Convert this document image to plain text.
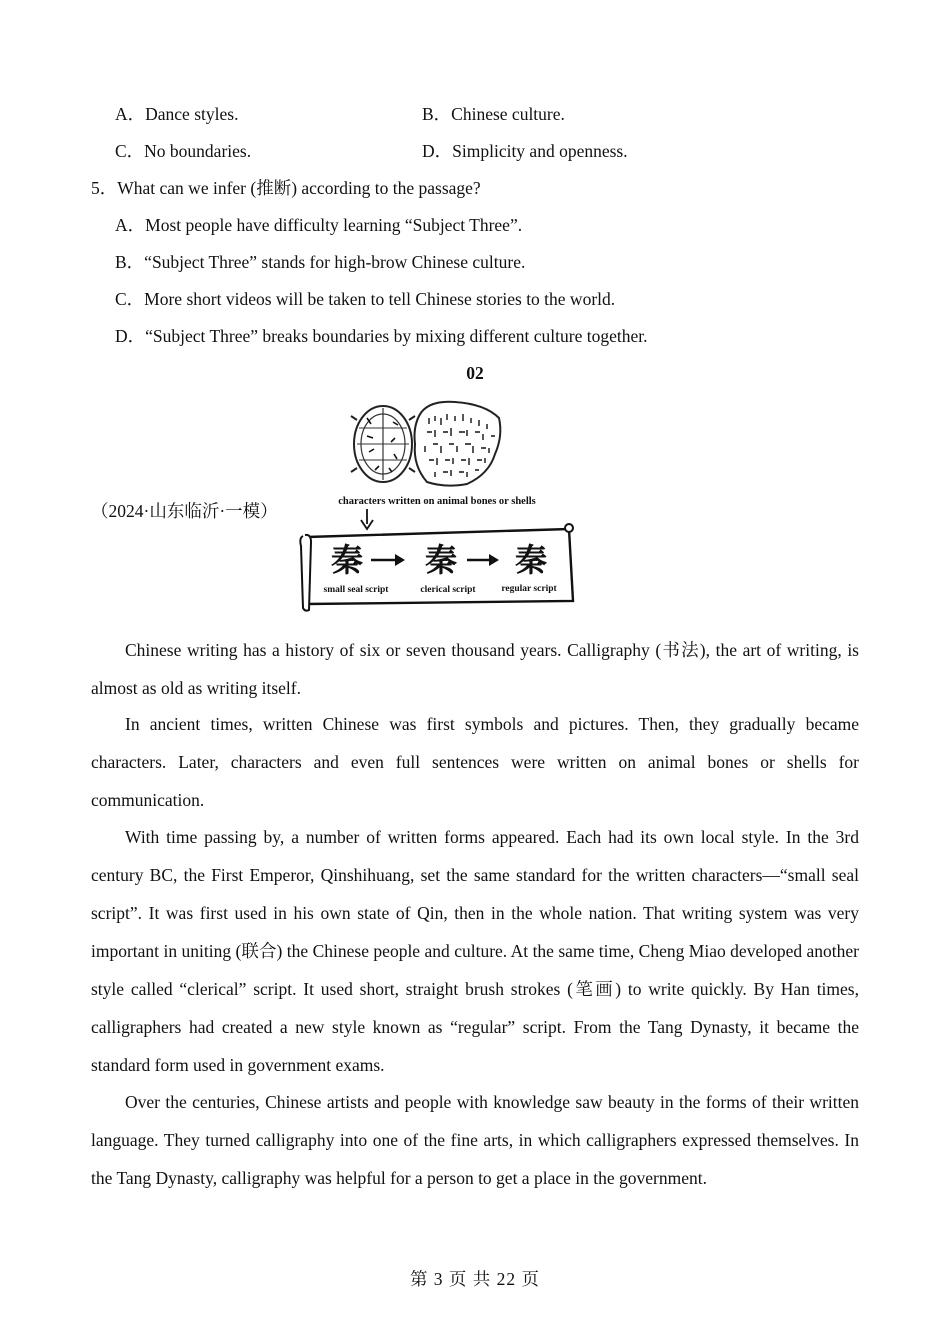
A．Dance styles.	B．Chinese culture.
C．No boundaries.	D．Simplicity and openness.
5．What can we infer (推断) according to the passage?
A．Most people have difficulty learning “Subject Three”.
B．“Subject Three” stands for high-brow Chinese culture.
C．More short videos will be taken to tell Chinese stories to the world.
D．“Subject Three” breaks boundaries by mixing different culture together.
02
（2024·山东临沂·一模）	characters written on animal bones or shells
秦 秦 秦
small seal script	clerical script	regular script
Chinese writing has a history of six or seven thousand years. Calligraphy (书法), the art of writing, is almost as old as writing itself.
In ancient times, written Chinese was first symbols and pictures. Then, they gradually became characters. Later, characters and even full sentences were written on animal bones or shells for communication.
With time passing by, a number of written forms appeared. Each had its own local style. In the 3rd century BC, the First Emperor, Qinshihuang, set the same standard for the written characters—“small seal script”. It was first used in his own state of Qin, then in the whole nation. That writing system was very important in uniting (联合) the Chinese people and culture. At the same time, Cheng Miao developed another style called “clerical” script. It used short, straight brush strokes (笔画) to write quickly. By Han times, calligraphers had created a new style known as “regular” script. From the Tang Dynasty, it became the standard form used in government exams.
Over the centuries, Chinese artists and people with knowledge saw beauty in the forms of their written language. They turned calligraphy into one of the fine arts, in which calligraphers expressed themselves. In the Tang Dynasty, calligraphy was helpful for a person to get a place in the government.
第 3 页 共 22 页
